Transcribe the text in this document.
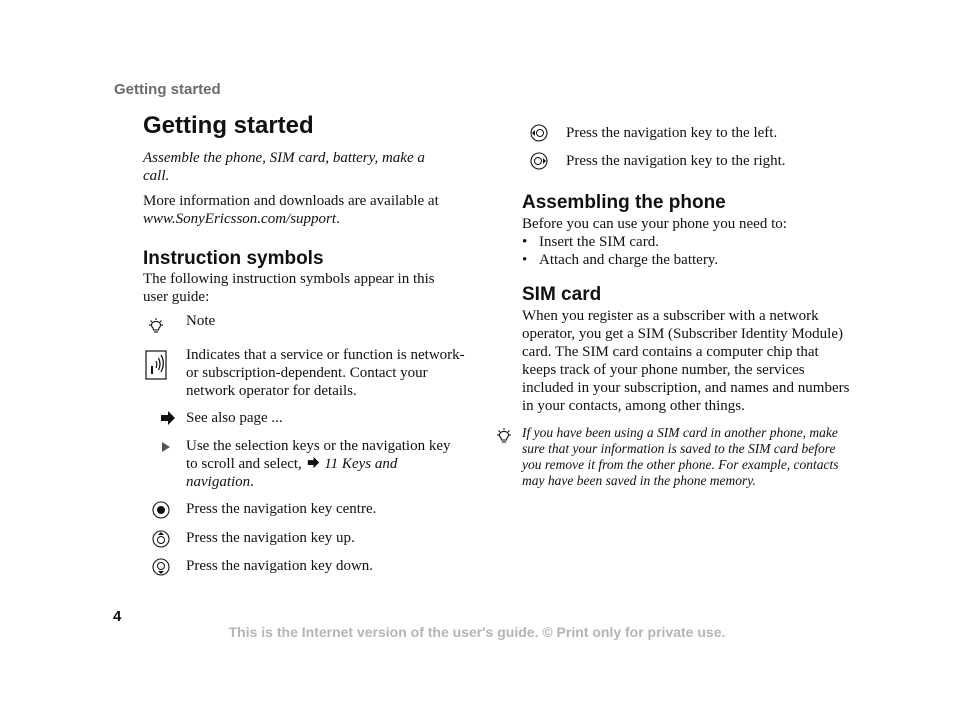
Getting started
Getting started
Assemble the phone, SIM card, battery, make a call.
More information and downloads are available at www.SonyEricsson.com/support.
Instruction symbols
The following instruction symbols appear in this user guide:
Note
Indicates that a service or function is network- or subscription-dependent. Contact your network operator for details.
See also page ...
Use the selection keys or the navigation key to scroll and select,  11 Keys and navigation.
Press the navigation key centre.
Press the navigation key up.
Press the navigation key down.
Press the navigation key to the left.
Press the navigation key to the right.
Assembling the phone
Before you can use your phone you need to:
• Insert the SIM card.
• Attach and charge the battery.
SIM card
When you register as a subscriber with a network operator, you get a SIM (Subscriber Identity Module) card. The SIM card contains a computer chip that keeps track of your phone number, the services included in your subscription, and names and numbers in your contacts, among other things.
If you have been using a SIM card in another phone, make sure that your information is saved to the SIM card before you remove it from the other phone. For example, contacts may have been saved in the phone memory.
4
This is the Internet version of the user's guide. © Print only for private use.
